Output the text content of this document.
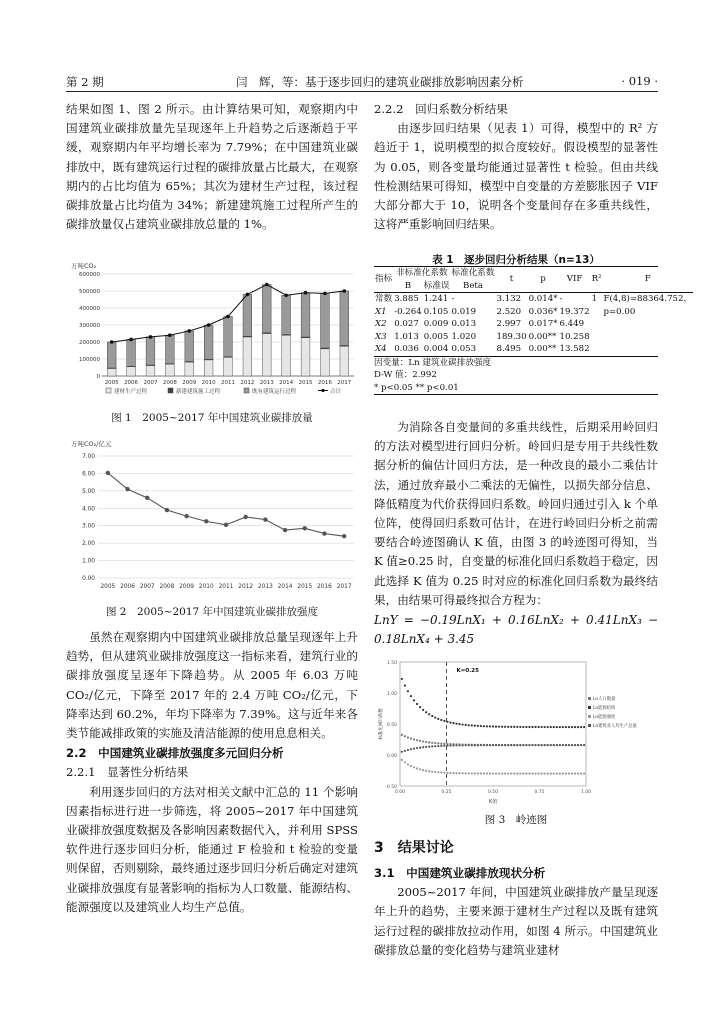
第 2 期	闫　辉，等：基于逐步回归的建筑业碳排放影响因素分析	· 019 ·

结果如图 1、图 2 所示。由计算结果可知，观察期内中国建筑业碳排放量先呈现逐年上升趋势之后逐渐趋于平缓，观察期内年平均增长率为 7.79%；在中国建筑业碳排放中，既有建筑运行过程的碳排放量占比最大，在观察期内的占比均值为 65%；其次为建材生产过程，该过程碳排放量占比均值为 34%；新建建筑施工过程所产生的碳排放量仅占建筑业碳排放总量的 1%。

万吨CO₂
0
100000
200000
300000
400000
500000
600000
2005 2006 2007 2008 2009 2010 2011 2012 2013 2014 2015 2016 2017
建材生产过程	新建建筑施工过程	既有建筑运行过程	合计
图 1　2005~2017 年中国建筑业碳排放量
万吨CO₂/亿元
0.00
1.00
2.00
3.00
4.00
5.00
6.00
7.00
2005 2006 2007 2008 2009 2010 2011 2012 2013 2014 2015 2016 2017
图 2　2005~2017 年中国建筑业碳排放强度

虽然在观察期内中国建筑业碳排放总量呈现逐年上升趋势，但从建筑业碳排放强度这一指标来看，建筑行业的碳排放强度呈逐年下降趋势。从 2005 年 6.03 万吨 CO₂/亿元，下降至 2017 年的 2.4 万吨 CO₂/亿元，下降率达到 60.2%，年均下降率为 7.39%。这与近年来各类节能减排政策的实施及清洁能源的使用息息相关。

2.2　中国建筑业碳排放强度多元回归分析

2.2.1　显著性分析结果

利用逐步回归的方法对相关文献中汇总的 11 个影响因素指标进行进一步筛选，将 2005~2017 年中国建筑业碳排放强度数据及各影响因素数据代入，并利用 SPSS 软件进行逐步回归分析，能通过 F 检验和 t 检验的变量则保留，否则剔除，最终通过逐步回归分析后确定对建筑业碳排放强度有显著影响的指标为人口数量、能源结构、能源强度以及建筑业人均生产总值。

2.2.2　回归系数分析结果

由逐步回归结果（见表 1）可得，模型中的 R² 方趋近于 1，说明模型的拟合度较好。假设模型的显著性为 0.05，则各变量均能通过显著性 t 检验。但由共线性检测结果可得知，模型中自变量的方差膨胀因子 VIF 大部分都大于 10，说明各个变量间存在多重共线性，这将严重影响回归结果。

表 1　逐步回归分析结果（n=13）
指标	非标准化系数		标准化系数	t	p	VIF	R²	F
	B	标准误	Beta					
常数	3.885	1.241	-	3.132	0.014*	-	1	F(4,8)=88364.752，
X1	-0.264	0.105	0.019	2.520	0.036*	19.372		p=0.00
X2	0.027	0.009	0.013	2.997	0.017*	6.449		
X3	1.013	0.005	1.020	189.30	0.00**	10.258		
X4	0.036	0.004	0.053	8.495	0.00**	13.582		
因变量：Ln 建筑业碳排放强度
D-W 值：2.992
* p<0.05 ** p<0.01

为消除各自变量间的多重共线性，后期采用岭回归的方法对模型进行回归分析。岭回归是专用于共线性数据分析的偏估计回归方法，是一种改良的最小二乘估计法，通过放弃最小二乘法的无偏性，以损失部分信息、降低精度为代价获得回归系数。岭回归通过引入 k 个单位阵，使得回归系数可估计，在进行岭回归分析之前需要结合岭迹图确认 K 值，由图 3 的岭迹图可得知，当 K 值≥0.25 时，自变量的标准化回归系数趋于稳定，因此选择 K 值为 0.25 时对应的标准化回归系数为最终结果，由结果可得最终拟合方程为：

LnY = −0.19LnX₁ + 0.16LnX₂ + 0.41LnX₃ − 0.18LnX₄ + 3.45

-0.50
0.00
0.50
1.00
1.50
0.00	0.25	0.50	0.75	1.00
K值
标准化回归系数
K=0.25
Ln人口数量
Ln能源结构
Ln能源强度
Ln建筑业人均生产总值
图 3　岭迹图

3　结果讨论

3.1　中国建筑业碳排放现状分析

2005~2017 年间，中国建筑业碳排放产量呈现逐年上升的趋势，主要来源于建材生产过程以及既有建筑运行过程的碳排放拉动作用，如图 4 所示。中国建筑业碳排放总量的变化趋势与建筑业建材
